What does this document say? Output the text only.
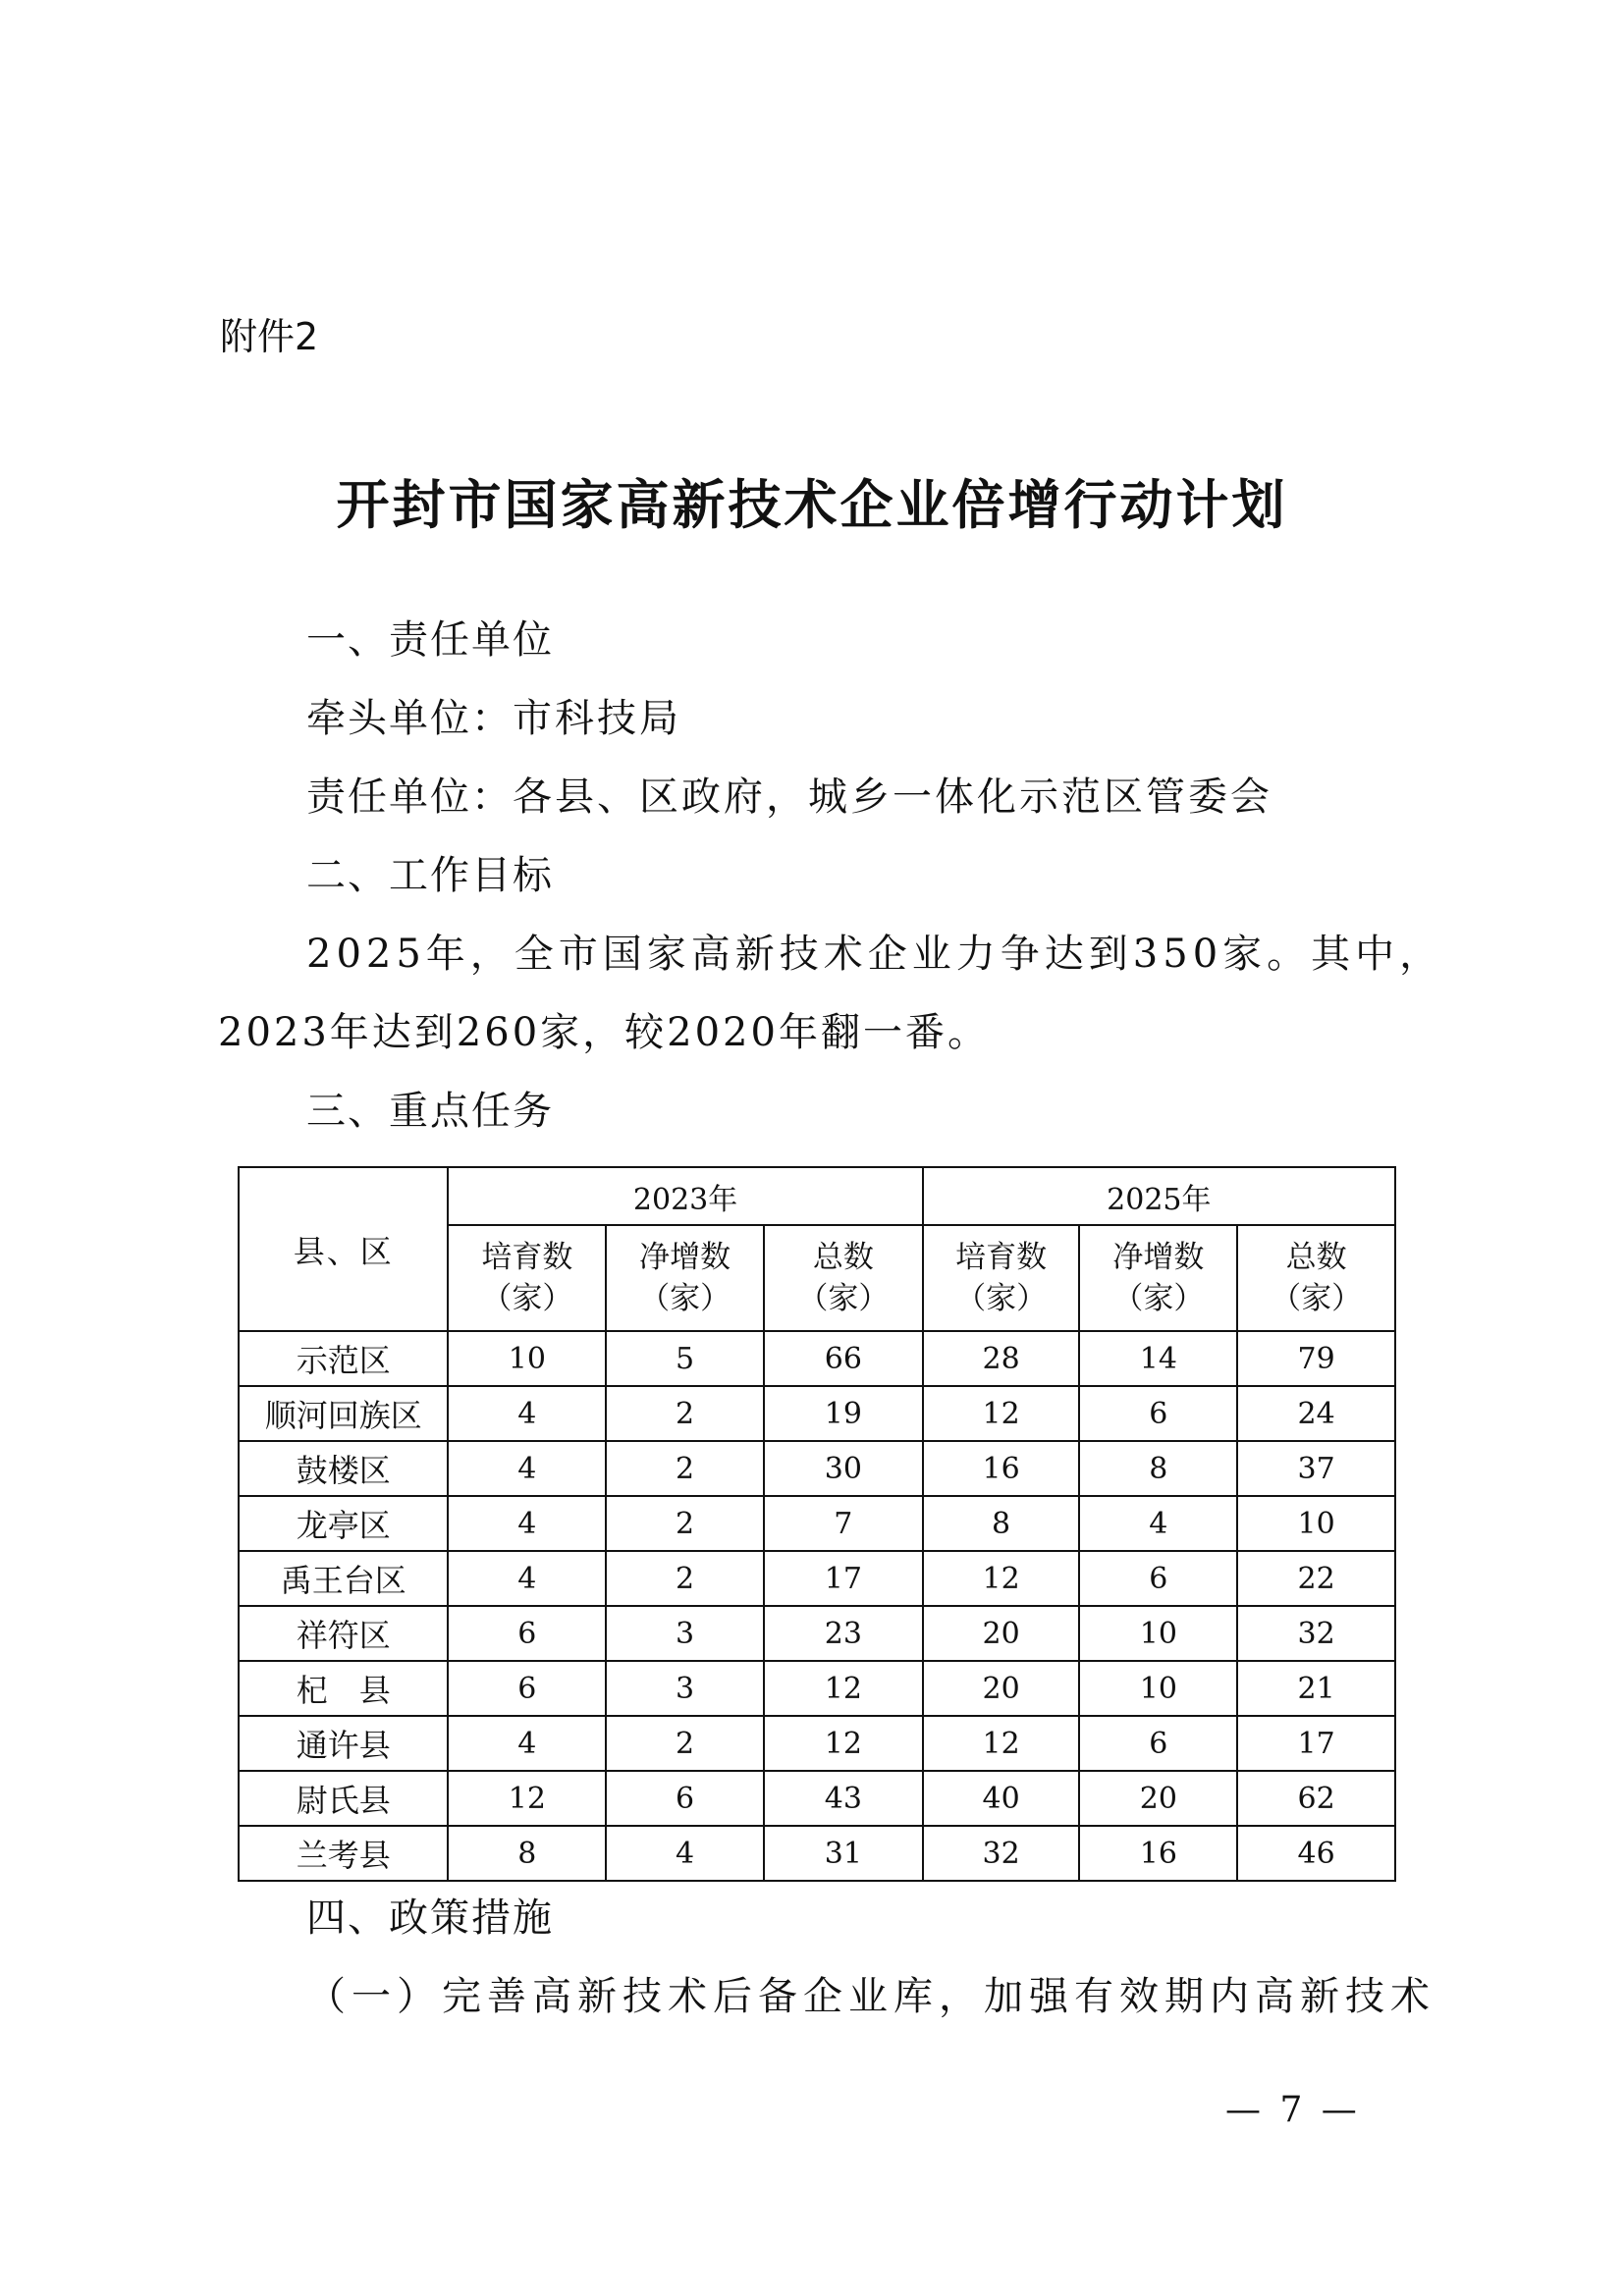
附件2
开封市国家高新技术企业倍增行动计划
一、责任单位
牵头单位：市科技局
责任单位：各县、区政府，城乡一体化示范区管委会
二、工作目标
2025年，全市国家高新技术企业力争达到350家。其中，
2023年达到260家，较2020年翻一番。
三、重点任务
县、区	2023年			2025年		
	培育数
（家）	净增数
（家）	总数
（家）	培育数
（家）	净增数
（家）	总数
（家）
示范区	10	5	66	28	14	79
顺河回族区	4	2	19	12	6	24
鼓楼区	4	2	30	16	8	37
龙亭区	4	2	7	8	4	10
禹王台区	4	2	17	12	6	22
祥符区	6	3	23	20	10	32
杞　县	6	3	12	20	10	21
通许县	4	2	12	12	6	17
尉氏县	12	6	43	40	20	62
兰考县	8	4	31	32	16	46
四、政策措施
（一）完善高新技术后备企业库，加强有效期内高新技术
— 7 —
